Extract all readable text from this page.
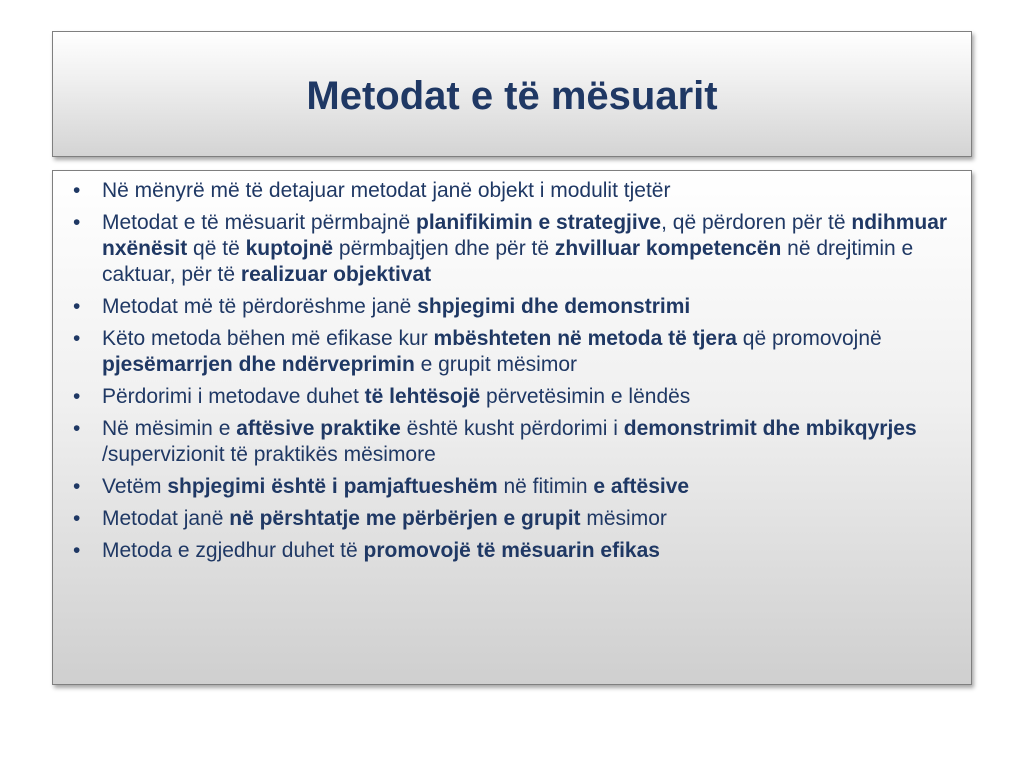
Metodat e të mësuarit
• Në mënyrë më të detajuar metodat janë objekt i modulit tjetër
• Metodat e të mësuarit përmbajnë planifikimin e strategjive, që përdoren për të ndihmuar nxënësit që të kuptojnë përmbajtjen dhe për të zhvilluar kompetencën në drejtimin e caktuar, për të realizuar objektivat
• Metodat më të përdorëshme janë shpjegimi dhe demonstrimi
• Këto metoda bëhen më efikase kur mbështeten në metoda të tjera që promovojnë pjesëmarrjen dhe ndërveprimin e grupit mësimor
• Përdorimi i metodave duhet të lehtësojë përvetësimin e lëndës
• Në mësimin e aftësive praktike është kusht përdorimi i demonstrimit dhe mbikqyrjes /supervizionit të praktikës mësimore
• Vetëm shpjegimi është i pamjaftueshëm në fitimin e aftësive
• Metodat janë në përshtatje me përbërjen e grupit mësimor
• Metoda e zgjedhur duhet të promovojë të mësuarin efikas
